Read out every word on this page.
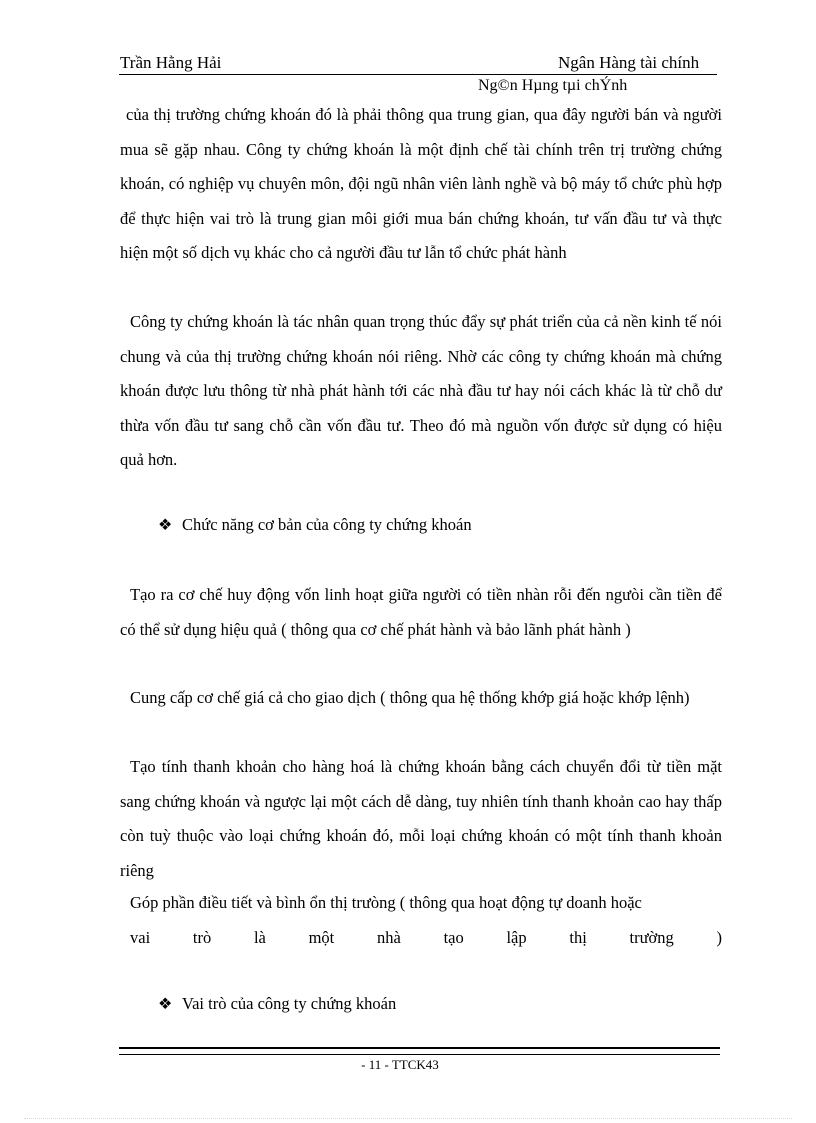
Trần Hằng Hải	Ngân Hàng tài chính
Ng©n Hµng tµi chÝnh
của thị trường chứng khoán đó là phải thông qua trung gian, qua đây người bán và người mua sẽ gặp nhau. Công ty chứng khoán là một định chế tài chính trên trị trường chứng khoán, có nghiệp vụ chuyên môn, đội ngũ nhân viên lành nghề và bộ máy tổ chức phù hợp để thực hiện vai trò là trung gian môi giới mua bán chứng khoán, tư vấn đầu tư và thực hiện một số dịch vụ khác cho cả người đầu tư lẫn tổ chức phát hành
Công ty chứng khoán là tác nhân quan trọng thúc đẩy sự phát triển của cả nền kinh tế nói chung và của thị trường chứng khoán nói riêng. Nhờ các công ty chứng khoán mà chứng khoán được lưu thông từ nhà phát hành tới các nhà đầu tư hay nói cách khác là từ chỗ dư thừa vốn đầu tư sang chỗ cần vốn đầu tư. Theo đó mà nguồn vốn được sử dụng có hiệu quả hơn.
❖ Chức năng cơ bản của công ty chứng khoán
Tạo ra cơ chế huy động vốn linh hoạt giữa người có tiền nhàn rỗi đến ngưòi cần tiền để có thể sử dụng hiệu quả ( thông qua cơ chế phát hành và bảo lãnh phát hành )
Cung cấp cơ chế giá cả cho giao dịch ( thông qua hệ thống khớp giá hoặc khớp lệnh)
Tạo tính thanh khoản cho hàng hoá là chứng khoán bằng cách chuyển đổi từ tiền mặt sang chứng khoán và ngược lại một cách dễ dàng, tuy nhiên tính thanh khoản cao hay thấp còn tuỳ thuộc vào loại chứng khoán đó, mỗi loại chứng khoán có một tính thanh khoản riêng
Góp phần điều tiết và bình ổn thị trưòng ( thông qua hoạt động tự doanh hoặc
vai trò là một nhà tạo lập thị trường )
❖ Vai trò của công ty chứng khoán
- 11 - TTCK43
